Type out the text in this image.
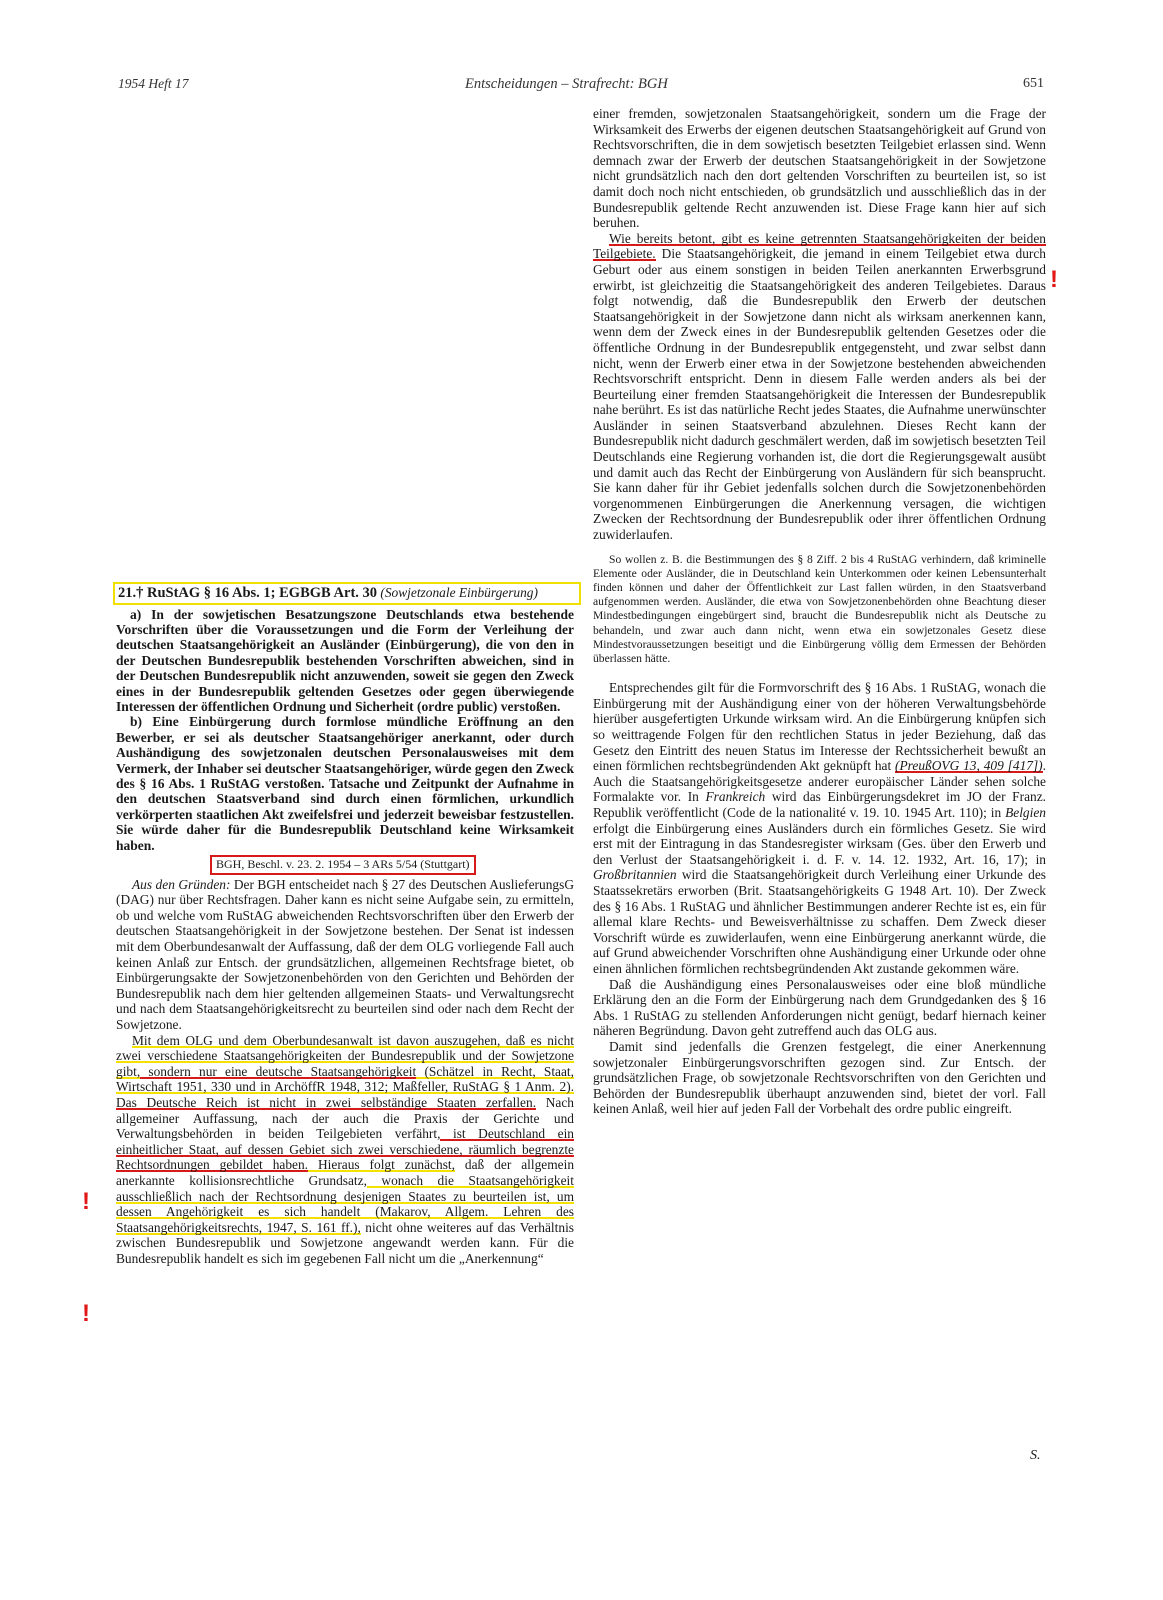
1954 Heft 17	Entscheidungen – Strafrecht: BGH	651

einer fremden, sowjetzonalen Staatsangehörigkeit, sondern um die Frage der Wirksamkeit des Erwerbs der eigenen deutschen Staatsangehörigkeit auf Grund von Rechtsvorschriften, die in dem sowjetisch besetzten Teilgebiet erlassen sind. Wenn demnach zwar der Erwerb der deutschen Staatsangehörigkeit in der Sowjetzone nicht grundsätzlich nach den dort geltenden Vorschriften zu beurteilen ist, so ist damit doch noch nicht entschieden, ob grundsätzlich und ausschließlich das in der Bundesrepublik geltende Recht anzuwenden ist. Diese Frage kann hier auf sich beruhen.

Wie bereits betont, gibt es keine getrennten Staatsangehörigkeiten der beiden Teilgebiete. Die Staatsangehörigkeit, die jemand in einem Teilgebiet etwa durch Geburt oder aus einem sonstigen in beiden Teilen anerkannten Erwerbsgrund erwirbt, ist gleichzeitig die Staatsangehörigkeit des anderen Teilgebietes. Daraus folgt notwendig, daß die Bundesrepublik den Erwerb der deutschen Staatsangehörigkeit in der Sowjetzone dann nicht als wirksam anerkennen kann, wenn dem der Zweck eines in der Bundesrepublik geltenden Gesetzes oder die öffentliche Ordnung in der Bundesrepublik entgegensteht, und zwar selbst dann nicht, wenn der Erwerb einer etwa in der Sowjetzone bestehenden abweichenden Rechtsvorschrift entspricht. Denn in diesem Falle werden anders als bei der Beurteilung einer fremden Staatsangehörigkeit die Interessen der Bundesrepublik nahe berührt. Es ist das natürliche Recht jedes Staates, die Aufnahme unerwünschter Ausländer in seinen Staatsverband abzulehnen. Dieses Recht kann der Bundesrepublik nicht dadurch geschmälert werden, daß im sowjetisch besetzten Teil Deutschlands eine Regierung vorhanden ist, die dort die Regierungsgewalt ausübt und damit auch das Recht der Einbürgerung von Ausländern für sich beansprucht. Sie kann daher für ihr Gebiet jedenfalls solchen durch die Sowjetzonenbehörden vorgenommenen Einbürgerungen die Anerkennung versagen, die wichtigen Zwecken der Rechtsordnung der Bundesrepublik oder ihrer öffentlichen Ordnung zuwiderlaufen.

So wollen z. B. die Bestimmungen des § 8 Ziff. 2 bis 4 RuStAG verhindern, daß kriminelle Elemente oder Ausländer, die in Deutschland kein Unterkommen oder keinen Lebensunterhalt finden können und daher der Öffentlichkeit zur Last fallen würden, in den Staatsverband aufgenommen werden. Ausländer, die etwa von Sowjetzonenbehörden ohne Beachtung dieser Mindestbedingungen eingebürgert sind, braucht die Bundesrepublik nicht als Deutsche zu behandeln, und zwar auch dann nicht, wenn etwa ein sowjetzonales Gesetz diese Mindestvoraussetzungen beseitigt und die Einbürgerung völlig dem Ermessen der Behörden überlassen hätte.

Entsprechendes gilt für die Formvorschrift des § 16 Abs. 1 RuStAG, wonach die Einbürgerung mit der Aushändigung einer von der höheren Verwaltungsbehörde hierüber ausgefertigten Urkunde wirksam wird. An die Einbürgerung knüpfen sich so weittragende Folgen für den rechtlichen Status in jeder Beziehung, daß das Gesetz den Eintritt des neuen Status im Interesse der Rechtssicherheit bewußt an einen förmlichen rechtsbegründenden Akt geknüpft hat (PreußOVG 13, 409 [417]). Auch die Staatsangehörigkeitsgesetze anderer europäischer Länder sehen solche Formalakte vor. In Frankreich wird das Einbürgerungsdekret im JO der Franz. Republik veröffentlicht (Code de la nationalité v. 19. 10. 1945 Art. 110); in Belgien erfolgt die Einbürgerung eines Ausländers durch ein förmliches Gesetz. Sie wird erst mit der Eintragung in das Standesregister wirksam (Ges. über den Erwerb und den Verlust der Staatsangehörigkeit i. d. F. v. 14. 12. 1932, Art. 16, 17); in Großbritannien wird die Staatsangehörigkeit durch Verleihung einer Urkunde des Staatssekretärs erworben (Brit. Staatsangehörigkeits G 1948 Art. 10). Der Zweck des § 16 Abs. 1 RuStAG und ähnlicher Bestimmungen anderer Rechte ist es, ein für allemal klare Rechts- und Beweisverhältnisse zu schaffen. Dem Zweck dieser Vorschrift würde es zuwiderlaufen, wenn eine Einbürgerung anerkannt würde, die auf Grund abweichender Vorschriften ohne Aushändigung einer Urkunde oder ohne einen ähnlichen förmlichen rechtsbegründenden Akt zustande gekommen wäre.

Daß die Aushändigung eines Personalausweises oder eine bloß mündliche Erklärung den an die Form der Einbürgerung nach dem Grundgedanken des § 16 Abs. 1 RuStAG zu stellenden Anforderungen nicht genügt, bedarf hiernach keiner näheren Begründung. Davon geht zutreffend auch das OLG aus.

Damit sind jedenfalls die Grenzen festgelegt, die einer Anerkennung sowjetzonaler Einbürgerungsvorschriften gezogen sind. Zur Entsch. der grundsätzlichen Frage, ob sowjetzonale Rechtsvorschriften von den Gerichten und Behörden der Bundesrepublik überhaupt anzuwenden sind, bietet der vorl. Fall keinen Anlaß, weil hier auf jeden Fall der Vorbehalt des ordre public eingreift.

S.
21.† RuStAG § 16 Abs. 1; EGBGB Art. 30 (Sowjetzonale Einbürgerung)

a) In der sowjetischen Besatzungszone Deutschlands etwa bestehende Vorschriften über die Voraussetzungen und die Form der Verleihung der deutschen Staatsangehörigkeit an Ausländer (Einbürgerung), die von den in der Deutschen Bundesrepublik bestehenden Vorschriften abweichen, sind in der Deutschen Bundesrepublik nicht anzuwenden, soweit sie gegen den Zweck eines in der Bundesrepublik geltenden Gesetzes oder gegen überwiegende Interessen der öffentlichen Ordnung und Sicherheit (ordre public) verstoßen.

b) Eine Einbürgerung durch formlose mündliche Eröffnung an den Bewerber, er sei als deutscher Staatsangehöriger anerkannt, oder durch Aushändigung des sowjetzonalen deutschen Personalausweises mit dem Vermerk, der Inhaber sei deutscher Staatsangehöriger, würde gegen den Zweck des § 16 Abs. 1 RuStAG verstoßen. Tatsache und Zeitpunkt der Aufnahme in den deutschen Staatsverband sind durch einen förmlichen, urkundlich verkörperten staatlichen Akt zweifelsfrei und jederzeit beweisbar festzustellen. Sie würde daher für die Bundesrepublik Deutschland keine Wirksamkeit haben.

BGH, Beschl. v. 23. 2. 1954 – 3 ARs 5/54 (Stuttgart)

Aus den Gründen: Der BGH entscheidet nach § 27 des Deutschen AuslieferungsG (DAG) nur über Rechtsfragen. Daher kann es nicht seine Aufgabe sein, zu ermitteln, ob und welche vom RuStAG abweichenden Rechtsvorschriften über den Erwerb der deutschen Staatsangehörigkeit in der Sowjetzone bestehen. Der Senat ist indessen mit dem Oberbundesanwalt der Auffassung, daß der dem OLG vorliegende Fall auch keinen Anlaß zur Entsch. der grundsätzlichen, allgemeinen Rechtsfrage bietet, ob Einbürgerungsakte der Sowjetzonenbehörden von den Gerichten und Behörden der Bundesrepublik nach dem hier geltenden allgemeinen Staats- und Verwaltungsrecht und nach dem Staatsangehörigkeitsrecht zu beurteilen sind oder nach dem Recht der Sowjetzone.

Mit dem OLG und dem Oberbundesanwalt ist davon auszugehen, daß es nicht zwei verschiedene Staatsangehörigkeiten der Bundesrepublik und der Sowjetzone gibt, sondern nur eine deutsche Staatsangehörigkeit (Schätzel in Recht, Staat, Wirtschaft 1951, 330 und in ArchöffR 1948, 312; Maßfeller, RuStAG § 1 Anm. 2). Das Deutsche Reich ist nicht in zwei selbständige Staaten zerfallen. Nach allgemeiner Auffassung, nach der auch die Praxis der Gerichte und Verwaltungsbehörden in beiden Teilgebieten verfährt, ist Deutschland ein einheitlicher Staat, auf dessen Gebiet sich zwei verschiedene, räumlich begrenzte Rechtsordnungen gebildet haben. Hieraus folgt zunächst, daß der allgemein anerkannte kollisionsrechtliche Grundsatz, wonach die Staatsangehörigkeit ausschließlich nach der Rechtsordnung desjenigen Staates zu beurteilen ist, um dessen Angehörigkeit es sich handelt (Makarov, Allgem. Lehren des Staatsangehörigkeitsrechts, 1947, S. 161 ff.), nicht ohne weiteres auf das Verhältnis zwischen Bundesrepublik und Sowjetzone angewandt werden kann. Für die Bundesrepublik handelt es sich im gegebenen Fall nicht um die „Anerkennung“

!
!
!
